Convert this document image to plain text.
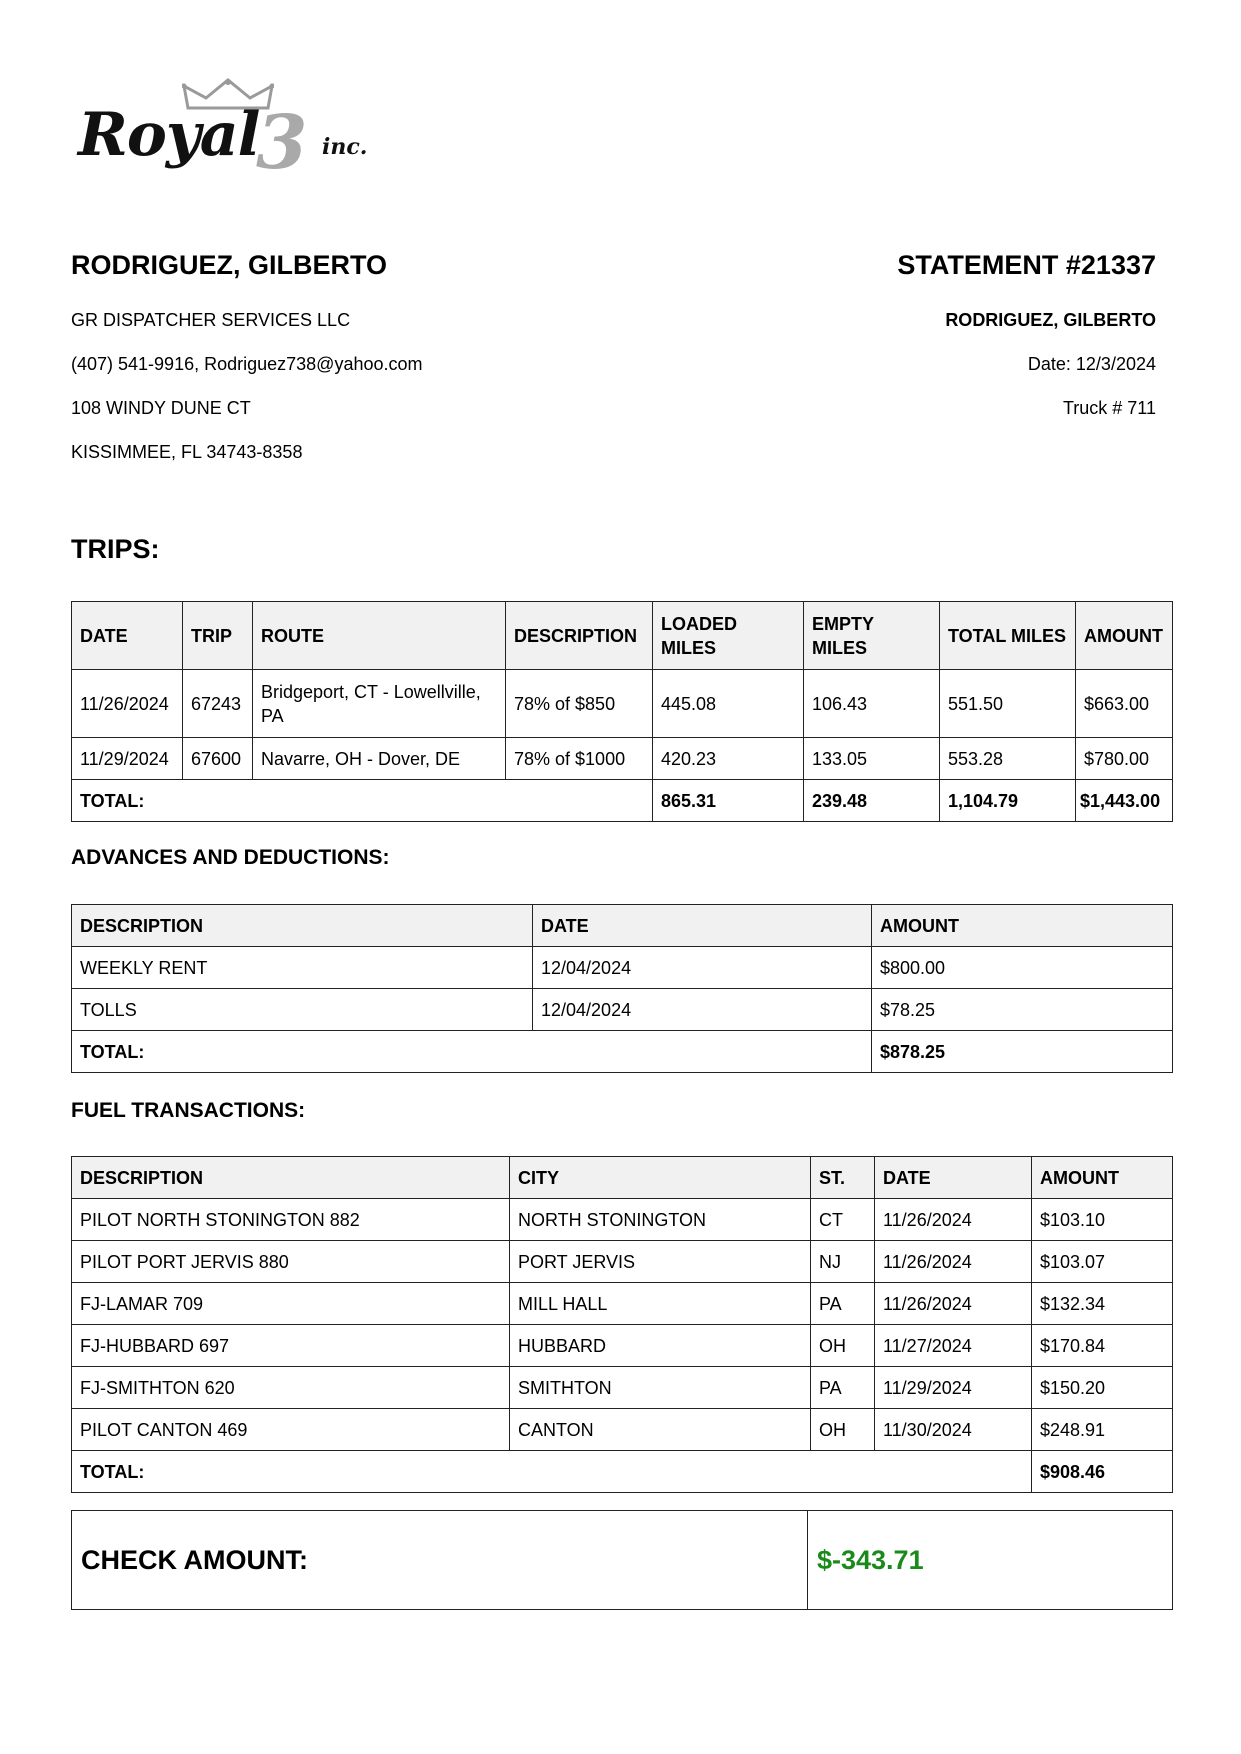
Royal
3 inc.
RODRIGUEZ, GILBERTO	STATEMENT #21337
GR DISPATCHER SERVICES LLC
(407) 541-9916, Rodriguez738@yahoo.com
108 WINDY DUNE CT
KISSIMMEE, FL 34743-8358
RODRIGUEZ, GILBERTO
Date: 12/3/2024
Truck # 711
TRIPS:
DATE	TRIP	ROUTE	DESCRIPTION	LOADED MILES	EMPTY MILES	TOTAL MILES	AMOUNT
11/26/2024	67243	Bridgeport, CT - Lowellville, PA	78% of $850	445.08	106.43	551.50	$663.00
11/29/2024	67600	Navarre, OH - Dover, DE	78% of $1000	420.23	133.05	553.28	$780.00
TOTAL:				865.31	239.48	1,104.79	$1,443.00
ADVANCES AND DEDUCTIONS:
DESCRIPTION	DATE	AMOUNT
WEEKLY RENT	12/04/2024	$800.00
TOLLS	12/04/2024	$78.25
TOTAL:		$878.25
FUEL TRANSACTIONS:
DESCRIPTION	CITY	ST.	DATE	AMOUNT
PILOT NORTH STONINGTON 882	NORTH STONINGTON	CT	11/26/2024	$103.10
PILOT PORT JERVIS 880	PORT JERVIS	NJ	11/26/2024	$103.07
FJ-LAMAR 709	MILL HALL	PA	11/26/2024	$132.34
FJ-HUBBARD 697	HUBBARD	OH	11/27/2024	$170.84
FJ-SMITHTON 620	SMITHTON	PA	11/29/2024	$150.20
PILOT CANTON 469	CANTON	OH	11/30/2024	$248.91
TOTAL:				$908.46
CHECK AMOUNT:	$-343.71
